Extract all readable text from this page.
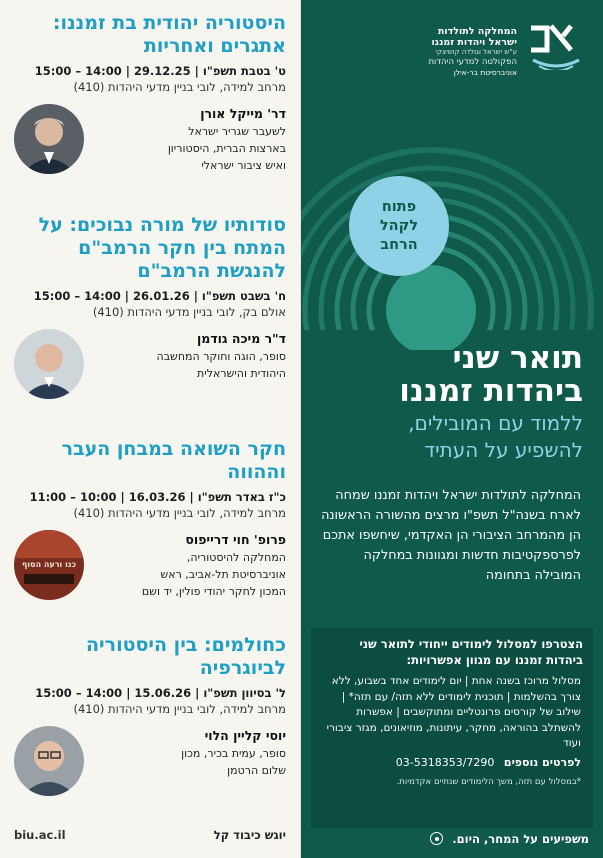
היסטוריה יהודית בת זמננו: אתגרים ואחריות
ט' בטבת תשפ"ו | 29.12.25 | 14:00 – 15:00
מרחב למידה, לובי בניין מדעי היהדות (410)
דר' מייקל אורן
לשעבר שגריר ישראל
בארצות הברית, היסטוריון
ואיש ציבור ישראלי
סודותיו של מורה נבוכים: על המתח בין חקר הרמב"ם להנגשת הרמב"ם
ח' בשבט תשפ"ו | 26.01.26 | 14:00 – 15:00
אולם בק, לובי בניין מדעי היהדות (410)
ד"ר מיכה גודמן
סופר, הוגה וחוקר המחשבה
היהודית והישראלית
חקר השואה במבחן העבר וההווה
כ"ז באדר תשפ"ו | 16.03.26 | 10:00 – 11:00
מרחב למידה, לובי בניין מדעי היהדות (410)
כנו ורעה הסוף
פרופ' חוי דרייפוס
המחלקה להיסטוריה,
אוניברסיטת תל-אביב, ראש
המכון לחקר יהודי פולין, יד ושם
כחולמים: בין היסטוריה לביוגרפיה
ל' בסיוון תשפ"ו | 15.06.26 | 14:00 – 15:00
מרחב למידה, לובי בניין מדעי היהדות (410)
יוסי קליין הלוי
סופר, עמית בכיר, מכון
שלום הרטמן
יוגש כיבוד קל
biu.ac.il
המחלקה לתולדות
ישראל ויהדות זמננו
ע"ש ישראל וגולדה קושיצקי
הפקולטה למדעי היהדות
אוניברסיטת בר-אילן
פתוח
לקהל
הרחב
תואר שני
ביהדות זמננו
ללמוד עם המובילים,
להשפיע על העתיד
המחלקה לתולדות ישראל ויהדות זמננו שמחה לארח בשנה"ל תשפ"ו מרצים מהשורה הראשונה הן מהמרחב הציבורי הן האקדמי, שיחשפו אתכם לפרספקטיבות חדשות ומגוונות במחלקה המובילה בתחומה
הצטרפו למסלול לימודים ייחודי לתואר שני
ביהדות זמננו עם מגוון אפשרויות:
מסלול מרוכז בשנה אחת | יום לימודים אחד בשבוע, ללא צורך בהשלמות | תוכנית לימודים ללא תזה/ עם תזה* | שילוב של קורסים פרונטליים ומתוקשבים | אפשרות להשתלב בהוראה, מחקר, עיתונות, מוזיאונים, מגזר ציבורי ועוד
לפרטים נוספים 03-5318353/7290
*במסלול עם תזה, משך הלימודים שנתיים אקדמיות.
משפיעים על המחר, היום.
